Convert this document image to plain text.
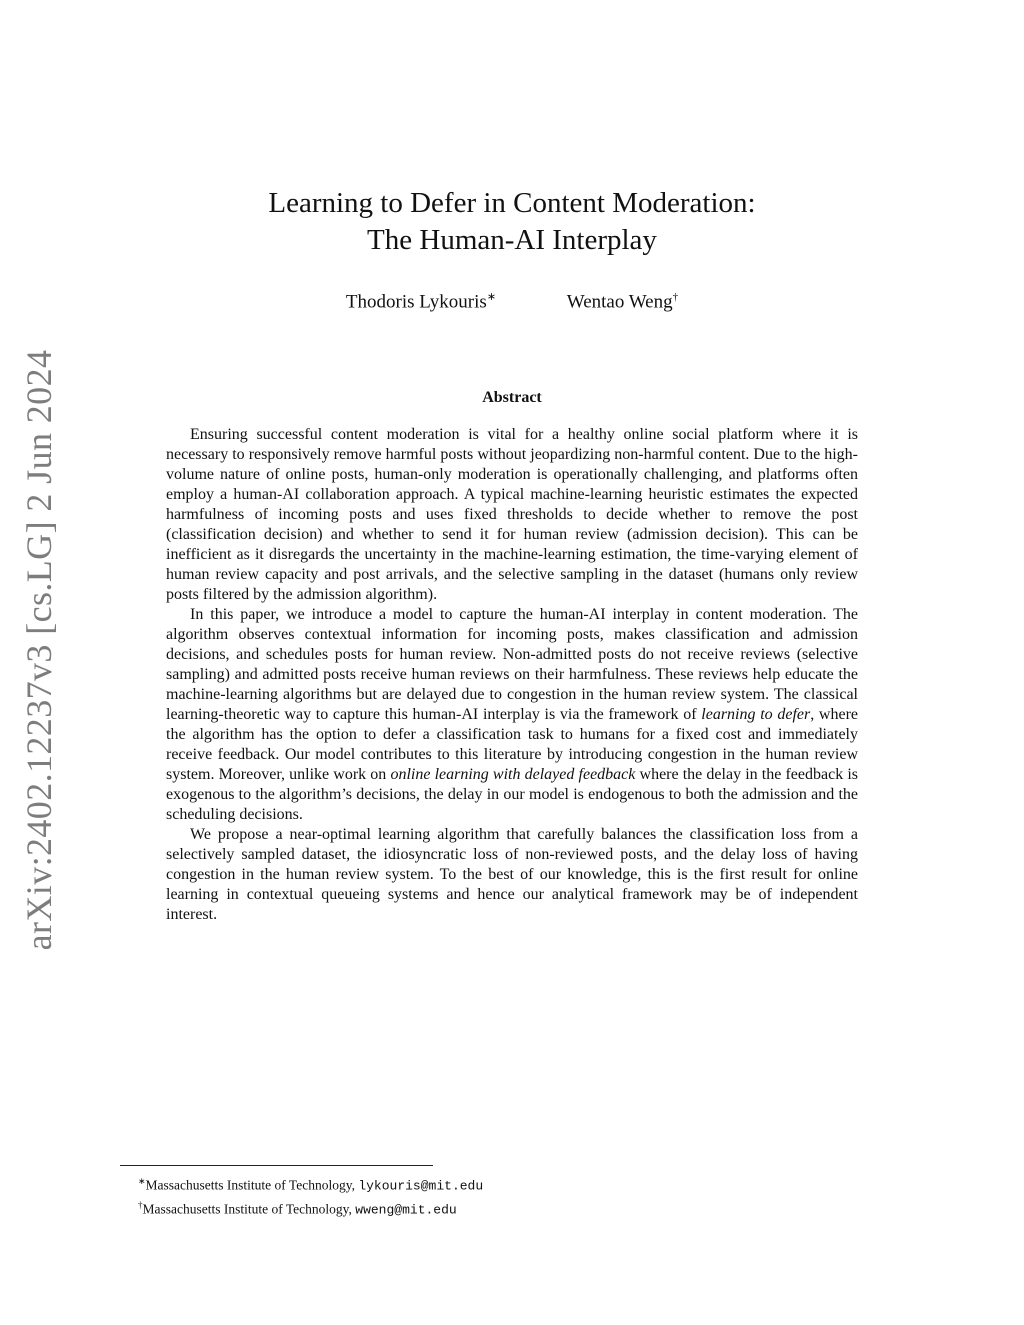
arXiv:2402.12237v3 [cs.LG] 2 Jun 2024
Learning to Defer in Content Moderation:
The Human-AI Interplay
Thodoris Lykouris∗	Wentao Weng†
Abstract

Ensuring successful content moderation is vital for a healthy online social platform where it is necessary to responsively remove harmful posts without jeopardizing non-harmful content. Due to the high-volume nature of online posts, human-only moderation is operationally challenging, and platforms often employ a human-AI collaboration approach. A typical machine-learning heuristic estimates the expected harmfulness of incoming posts and uses fixed thresholds to decide whether to remove the post (classification decision) and whether to send it for human review (admission decision). This can be inefficient as it disregards the uncertainty in the machine-learning estimation, the time-varying element of human review capacity and post arrivals, and the selective sampling in the dataset (humans only review posts filtered by the admission algorithm).

In this paper, we introduce a model to capture the human-AI interplay in content moderation. The algorithm observes contextual information for incoming posts, makes classification and admission decisions, and schedules posts for human review. Non-admitted posts do not receive reviews (selective sampling) and admitted posts receive human reviews on their harmfulness. These reviews help educate the machine-learning algorithms but are delayed due to congestion in the human review system. The classical learning-theoretic way to capture this human-AI interplay is via the framework of learning to defer, where the algorithm has the option to defer a classification task to humans for a fixed cost and immediately receive feedback. Our model contributes to this literature by introducing congestion in the human review system. Moreover, unlike work on online learning with delayed feedback where the delay in the feedback is exogenous to the algorithm’s decisions, the delay in our model is endogenous to both the admission and the scheduling decisions.

We propose a near-optimal learning algorithm that carefully balances the classification loss from a selectively sampled dataset, the idiosyncratic loss of non-reviewed posts, and the delay loss of having congestion in the human review system. To the best of our knowledge, this is the first result for online learning in contextual queueing systems and hence our analytical framework may be of independent interest.

∗Massachusetts Institute of Technology, lykouris@mit.edu
†Massachusetts Institute of Technology, wweng@mit.edu
